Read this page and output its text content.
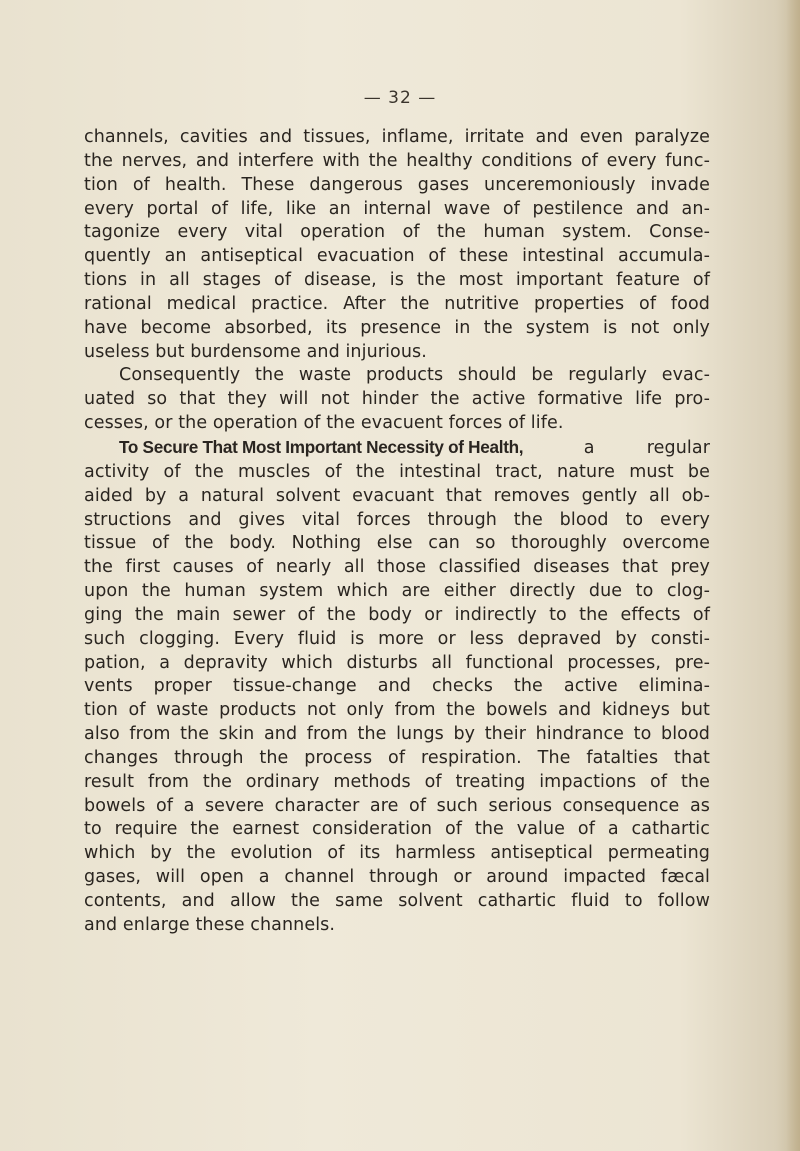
— 32 —
channels, cavities and tissues, inflame, irritate and even paralyze
the nerves, and interfere with the healthy conditions of every func-
tion of health. These dangerous gases unceremoniously invade
every portal of life, like an internal wave of pestilence and an-
tagonize every vital operation of the human system. Conse-
quently an antiseptical evacuation of these intestinal accumula-
tions in all stages of disease, is the most important feature of
rational medical practice. After the nutritive properties of food
have become absorbed, its presence in the system is not only
useless but burdensome and injurious.
Consequently the waste products should be regularly evac-
uated so that they will not hinder the active formative life pro-
cesses, or the operation of the evacuent forces of life.
To Secure That Most Important Necessity of Health,	a regular
activity of the muscles of the intestinal tract, nature must be
aided by a natural solvent evacuant that removes gently all ob-
structions and gives vital forces through the blood to every
tissue of the body. Nothing else can so thoroughly overcome
the first causes of nearly all those classified diseases that prey
upon the human system which are either directly due to clog-
ging the main sewer of the body or indirectly to the effects of
such clogging. Every fluid is more or less depraved by consti-
pation, a depravity which disturbs all functional processes, pre-
vents proper tissue-change and checks the active elimina-
tion of waste products not only from the bowels and kidneys but
also from the skin and from the lungs by their hindrance to blood
changes through the process of respiration. The fatalties that
result from the ordinary methods of treating impactions of the
bowels of a severe character are of such serious consequence as
to require the earnest consideration of the value of a cathartic
which by the evolution of its harmless antiseptical permeating
gases, will open a channel through or around impacted fæcal
contents, and allow the same solvent cathartic fluid to follow
and enlarge these channels.
